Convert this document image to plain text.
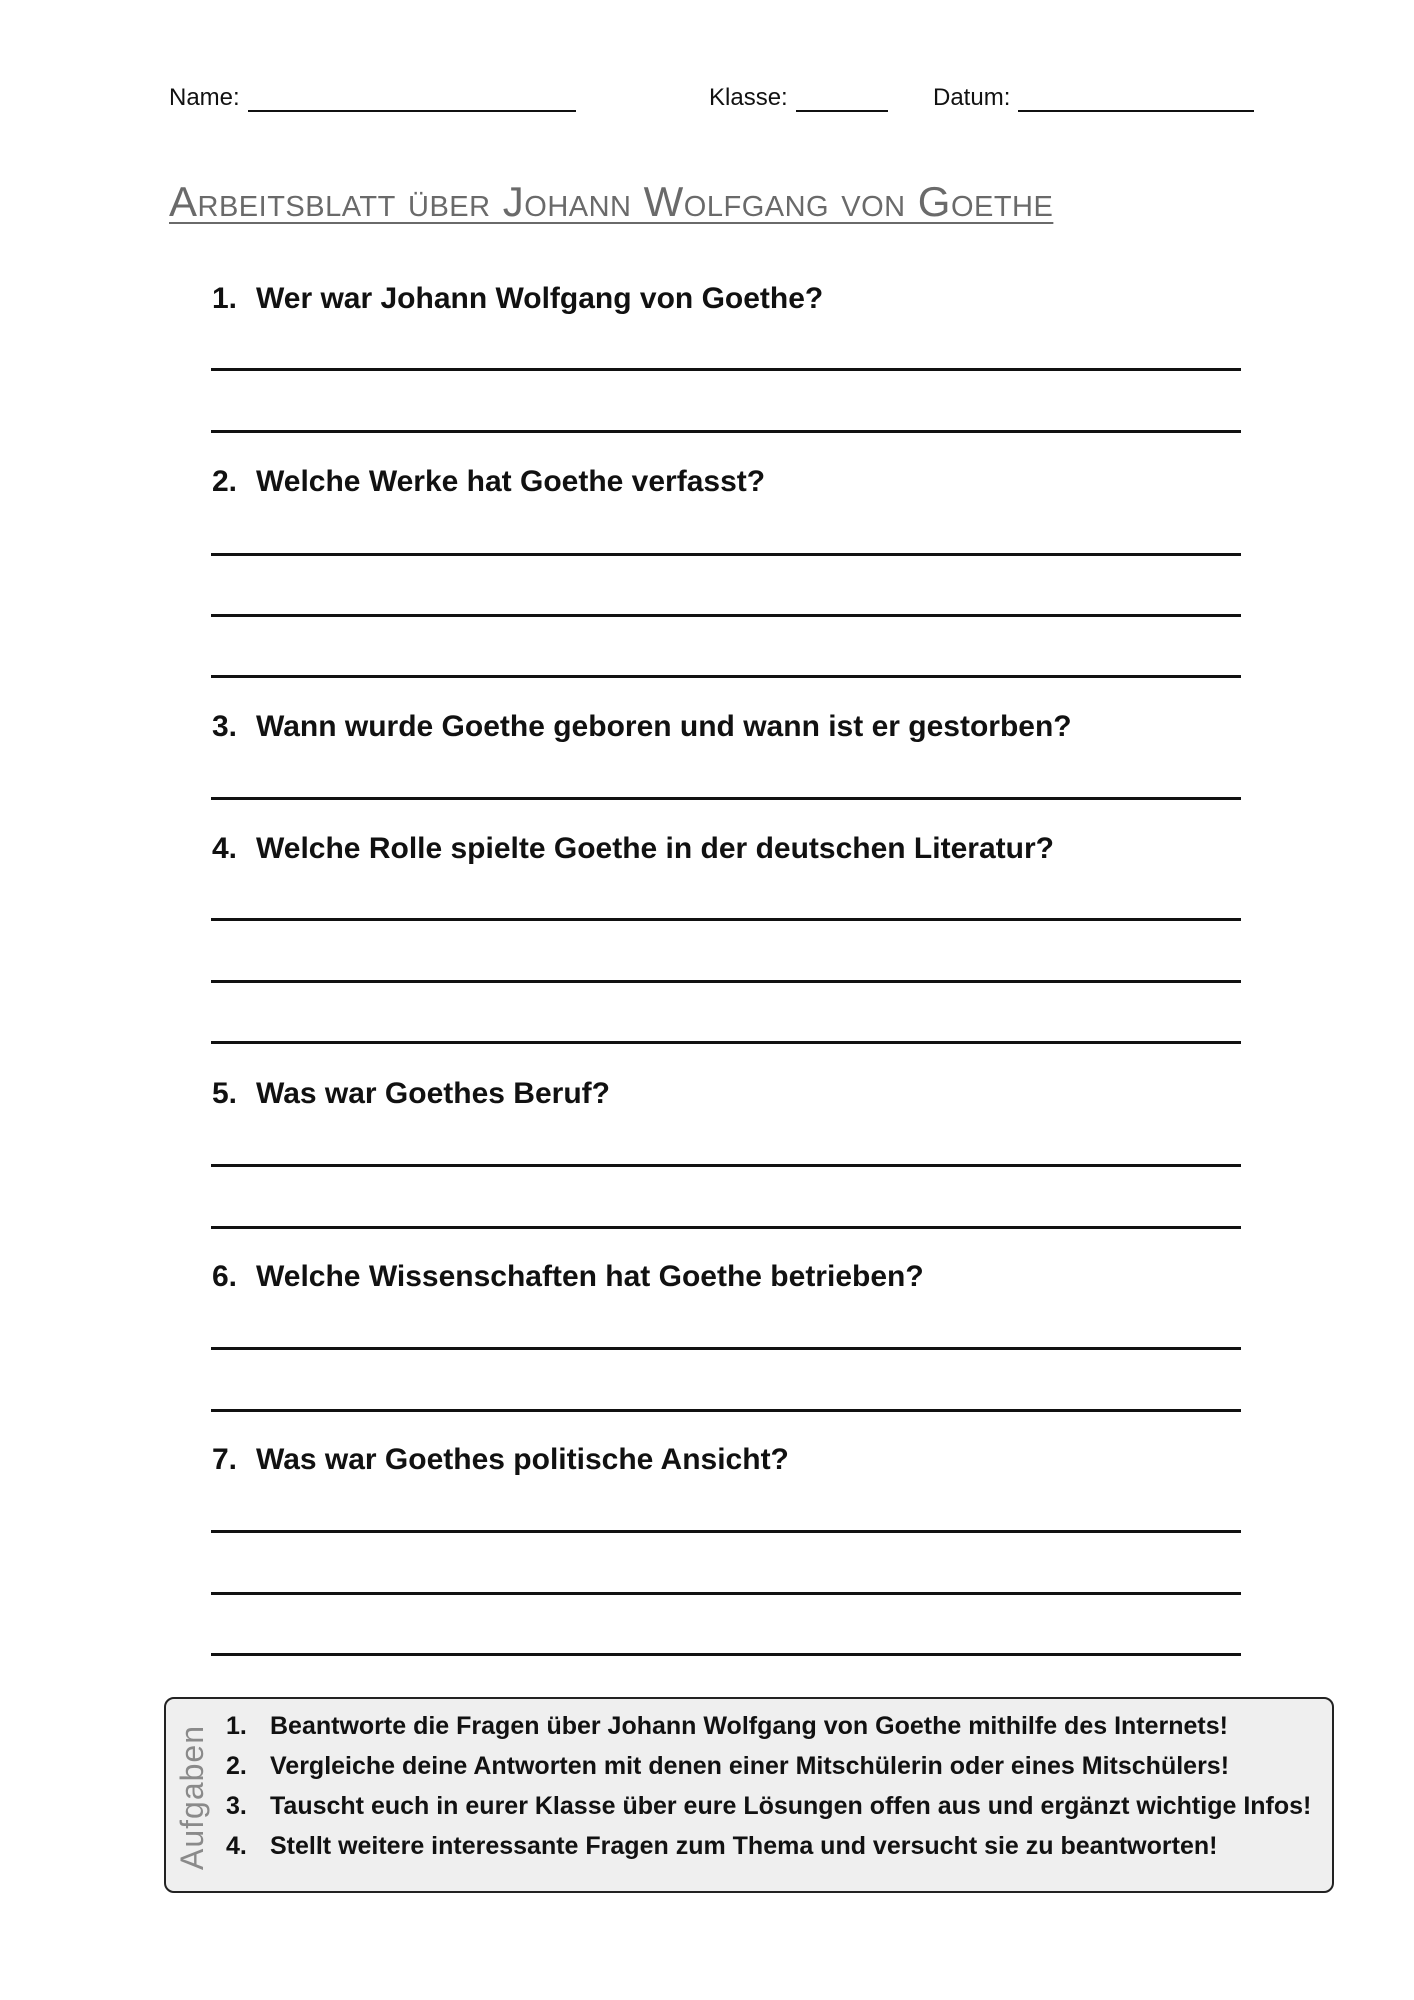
Name:	Klasse:	Datum:
Arbeitsblatt über Johann Wolfgang von Goethe
1. Wer war Johann Wolfgang von Goethe?
2. Welche Werke hat Goethe verfasst?
3. Wann wurde Goethe geboren und wann ist er gestorben?
4. Welche Rolle spielte Goethe in der deutschen Literatur?
5. Was war Goethes Beruf?
6. Welche Wissenschaften hat Goethe betrieben?
7. Was war Goethes politische Ansicht?
Aufgaben 1. Beantworte die Fragen über Johann Wolfgang von Goethe mithilfe des Internets!
2. Vergleiche deine Antworten mit denen einer Mitschülerin oder eines Mitschülers!
3. Tauscht euch in eurer Klasse über eure Lösungen offen aus und ergänzt wichtige Infos!
4. Stellt weitere interessante Fragen zum Thema und versucht sie zu beantworten!
